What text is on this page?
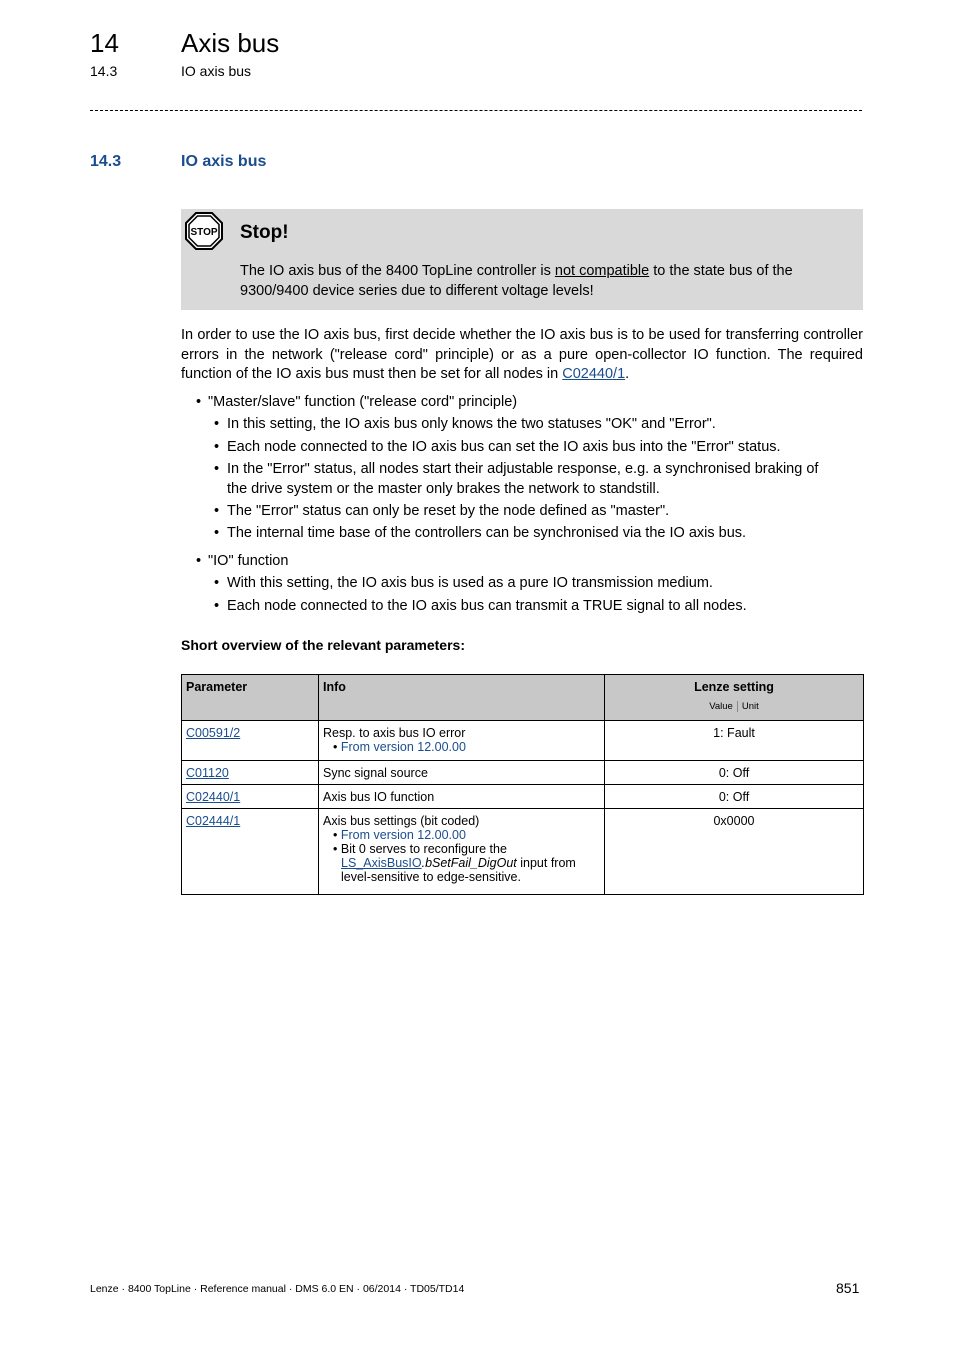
14 Axis bus
14.3	IO axis bus
14.3	IO axis bus
STOP Stop!
The IO axis bus of the 8400 TopLine controller is not compatible to the state bus of the
9300/9400 device series due to different voltage levels!
In order to use the IO axis bus, first decide whether the IO axis bus is to be used for transferring controller errors in the network ("release cord" principle) or as a pure open-collector IO function. The required function of the IO axis bus must then be set for all nodes in C02440/1.
• "Master/slave" function ("release cord" principle)
• In this setting, the IO axis bus only knows the two statuses "OK" and "Error".
• Each node connected to the IO axis bus can set the IO axis bus into the "Error" status.
• In the "Error" status, all nodes start their adjustable response, e.g. a synchronised braking of
the drive system or the master only brakes the network to standstill.
• The "Error" status can only be reset by the node defined as "master".
• The internal time base of the controllers can be synchronised via the IO axis bus.
• "IO" function
• With this setting, the IO axis bus is used as a pure IO transmission medium.
• Each node connected to the IO axis bus can transmit a TRUE signal to all nodes.
Short overview of the relevant parameters:
Parameter	Info	Lenze setting
Value Unit

C00591/2	Resp. to axis bus IO error
• From version 12.00.00	1: Fault
C01120	Sync signal source	0: Off
C02440/1	Axis bus IO function	0: Off
C02444/1	Axis bus settings (bit coded)
• From version 12.00.00
• Bit 0 serves to reconfigure the
LS_AxisBusIO.bSetFail_DigOut input from
level-sensitive to edge-sensitive.	0x0000
Lenze · 8400 TopLine · Reference manual · DMS 6.0 EN · 06/2014 · TD05/TD14	851
